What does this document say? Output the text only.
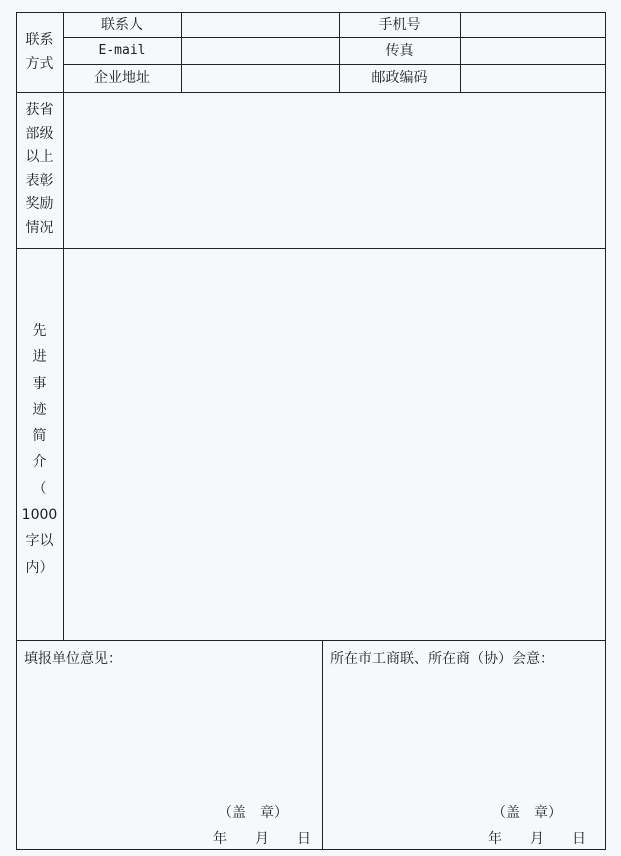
联系
方式
联系人	手机号
E-mail	传真
企业地址	邮政编码
获省
部级
以上
表彰
奖励
情况
先
进
事
迹
简
介
（
1000
字以
内）
填报单位意见：
（盖　章）
年　　月　　日
所在市工商联、所在商（协）会意：
（盖　章）
年　　月　　日
